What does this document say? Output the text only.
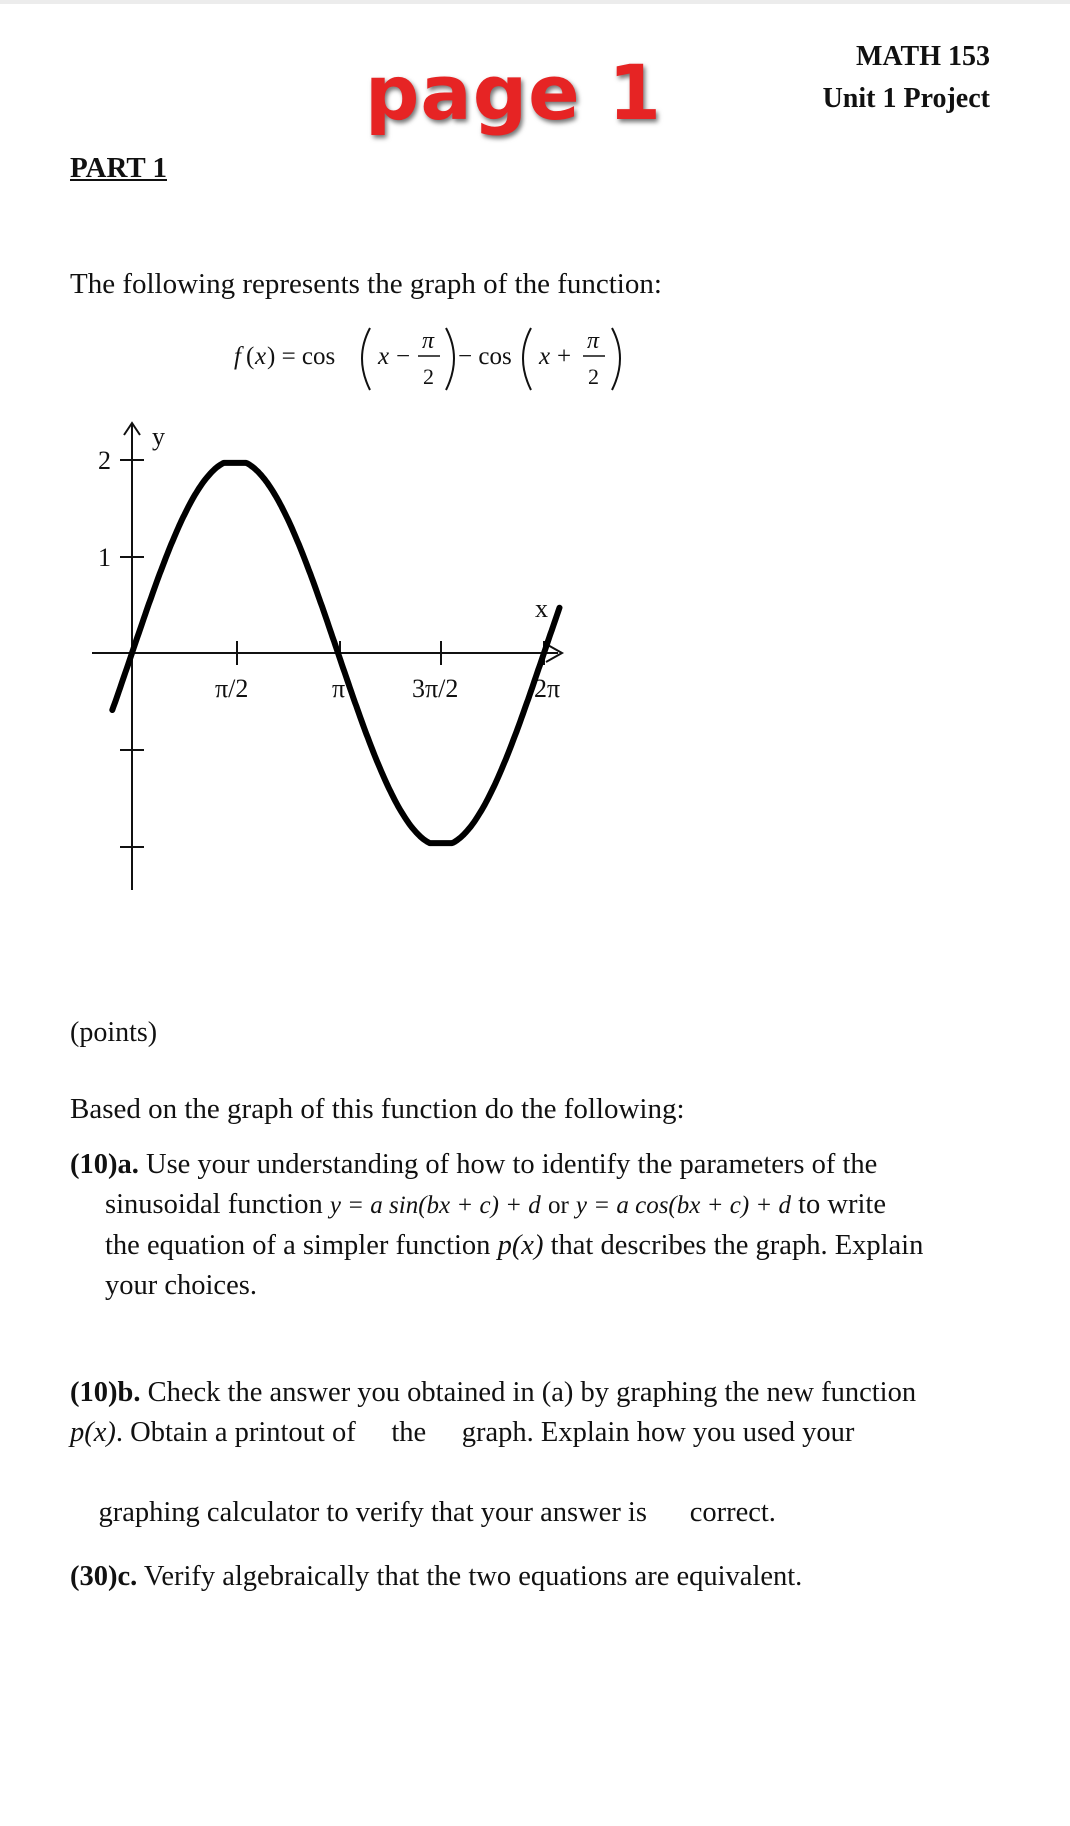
MATH 153
Unit 1 Project
page 1
PART 1
The following represents the graph of the function:
f ( x ) = cos x −
π
2
− cos x +
π
2
y
x
2
1
π/2	π	3π/2	2π
(points)
Based on the graph of this function do the following:
(10)a. Use your understanding of how to identify the parameters of the
sinusoidal function y = a sin(bx + c) + d or y = a cos(bx + c) + d to write
the equation of a simpler function p(x) that describes the graph. Explain
your choices.
(10)b. Check the answer you obtained in (a) by graphing the new function
p(x). Obtain a printout of     the     graph. Explain how you used your

graphing calculator to verify that your answer is      correct.

(30)c. Verify algebraically that the two equations are equivalent.
